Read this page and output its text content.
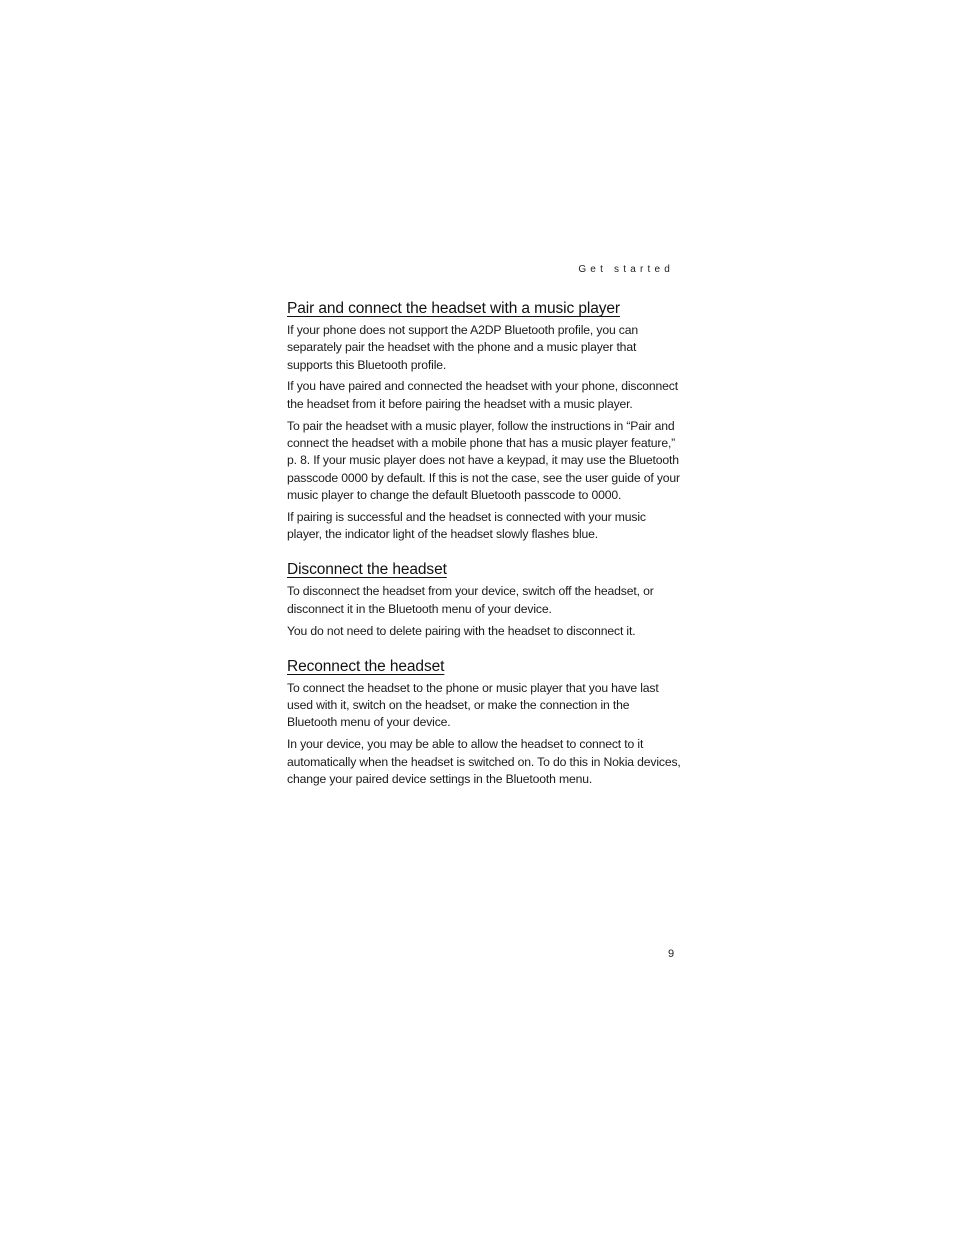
Get started
Pair and connect the headset with a music player

If your phone does not support the A2DP Bluetooth profile, you can separately pair the headset with the phone and a music player that supports this Bluetooth profile.

If you have paired and connected the headset with your phone, disconnect the headset from it before pairing the headset with a music player.

To pair the headset with a music player, follow the instructions in “Pair and connect the headset with a mobile phone that has a music player feature,” p. 8. If your music player does not have a keypad, it may use the Bluetooth passcode 0000 by default. If this is not the case, see the user guide of your music player to change the default Bluetooth passcode to 0000.

If pairing is successful and the headset is connected with your music player, the indicator light of the headset slowly flashes blue.

Disconnect the headset

To disconnect the headset from your device, switch off the headset, or disconnect it in the Bluetooth menu of your device.

You do not need to delete pairing with the headset to disconnect it.

Reconnect the headset

To connect the headset to the phone or music player that you have last used with it, switch on the headset, or make the connection in the Bluetooth menu of your device.

In your device, you may be able to allow the headset to connect to it automatically when the headset is switched on. To do this in Nokia devices, change your paired device settings in the Bluetooth menu.

9
